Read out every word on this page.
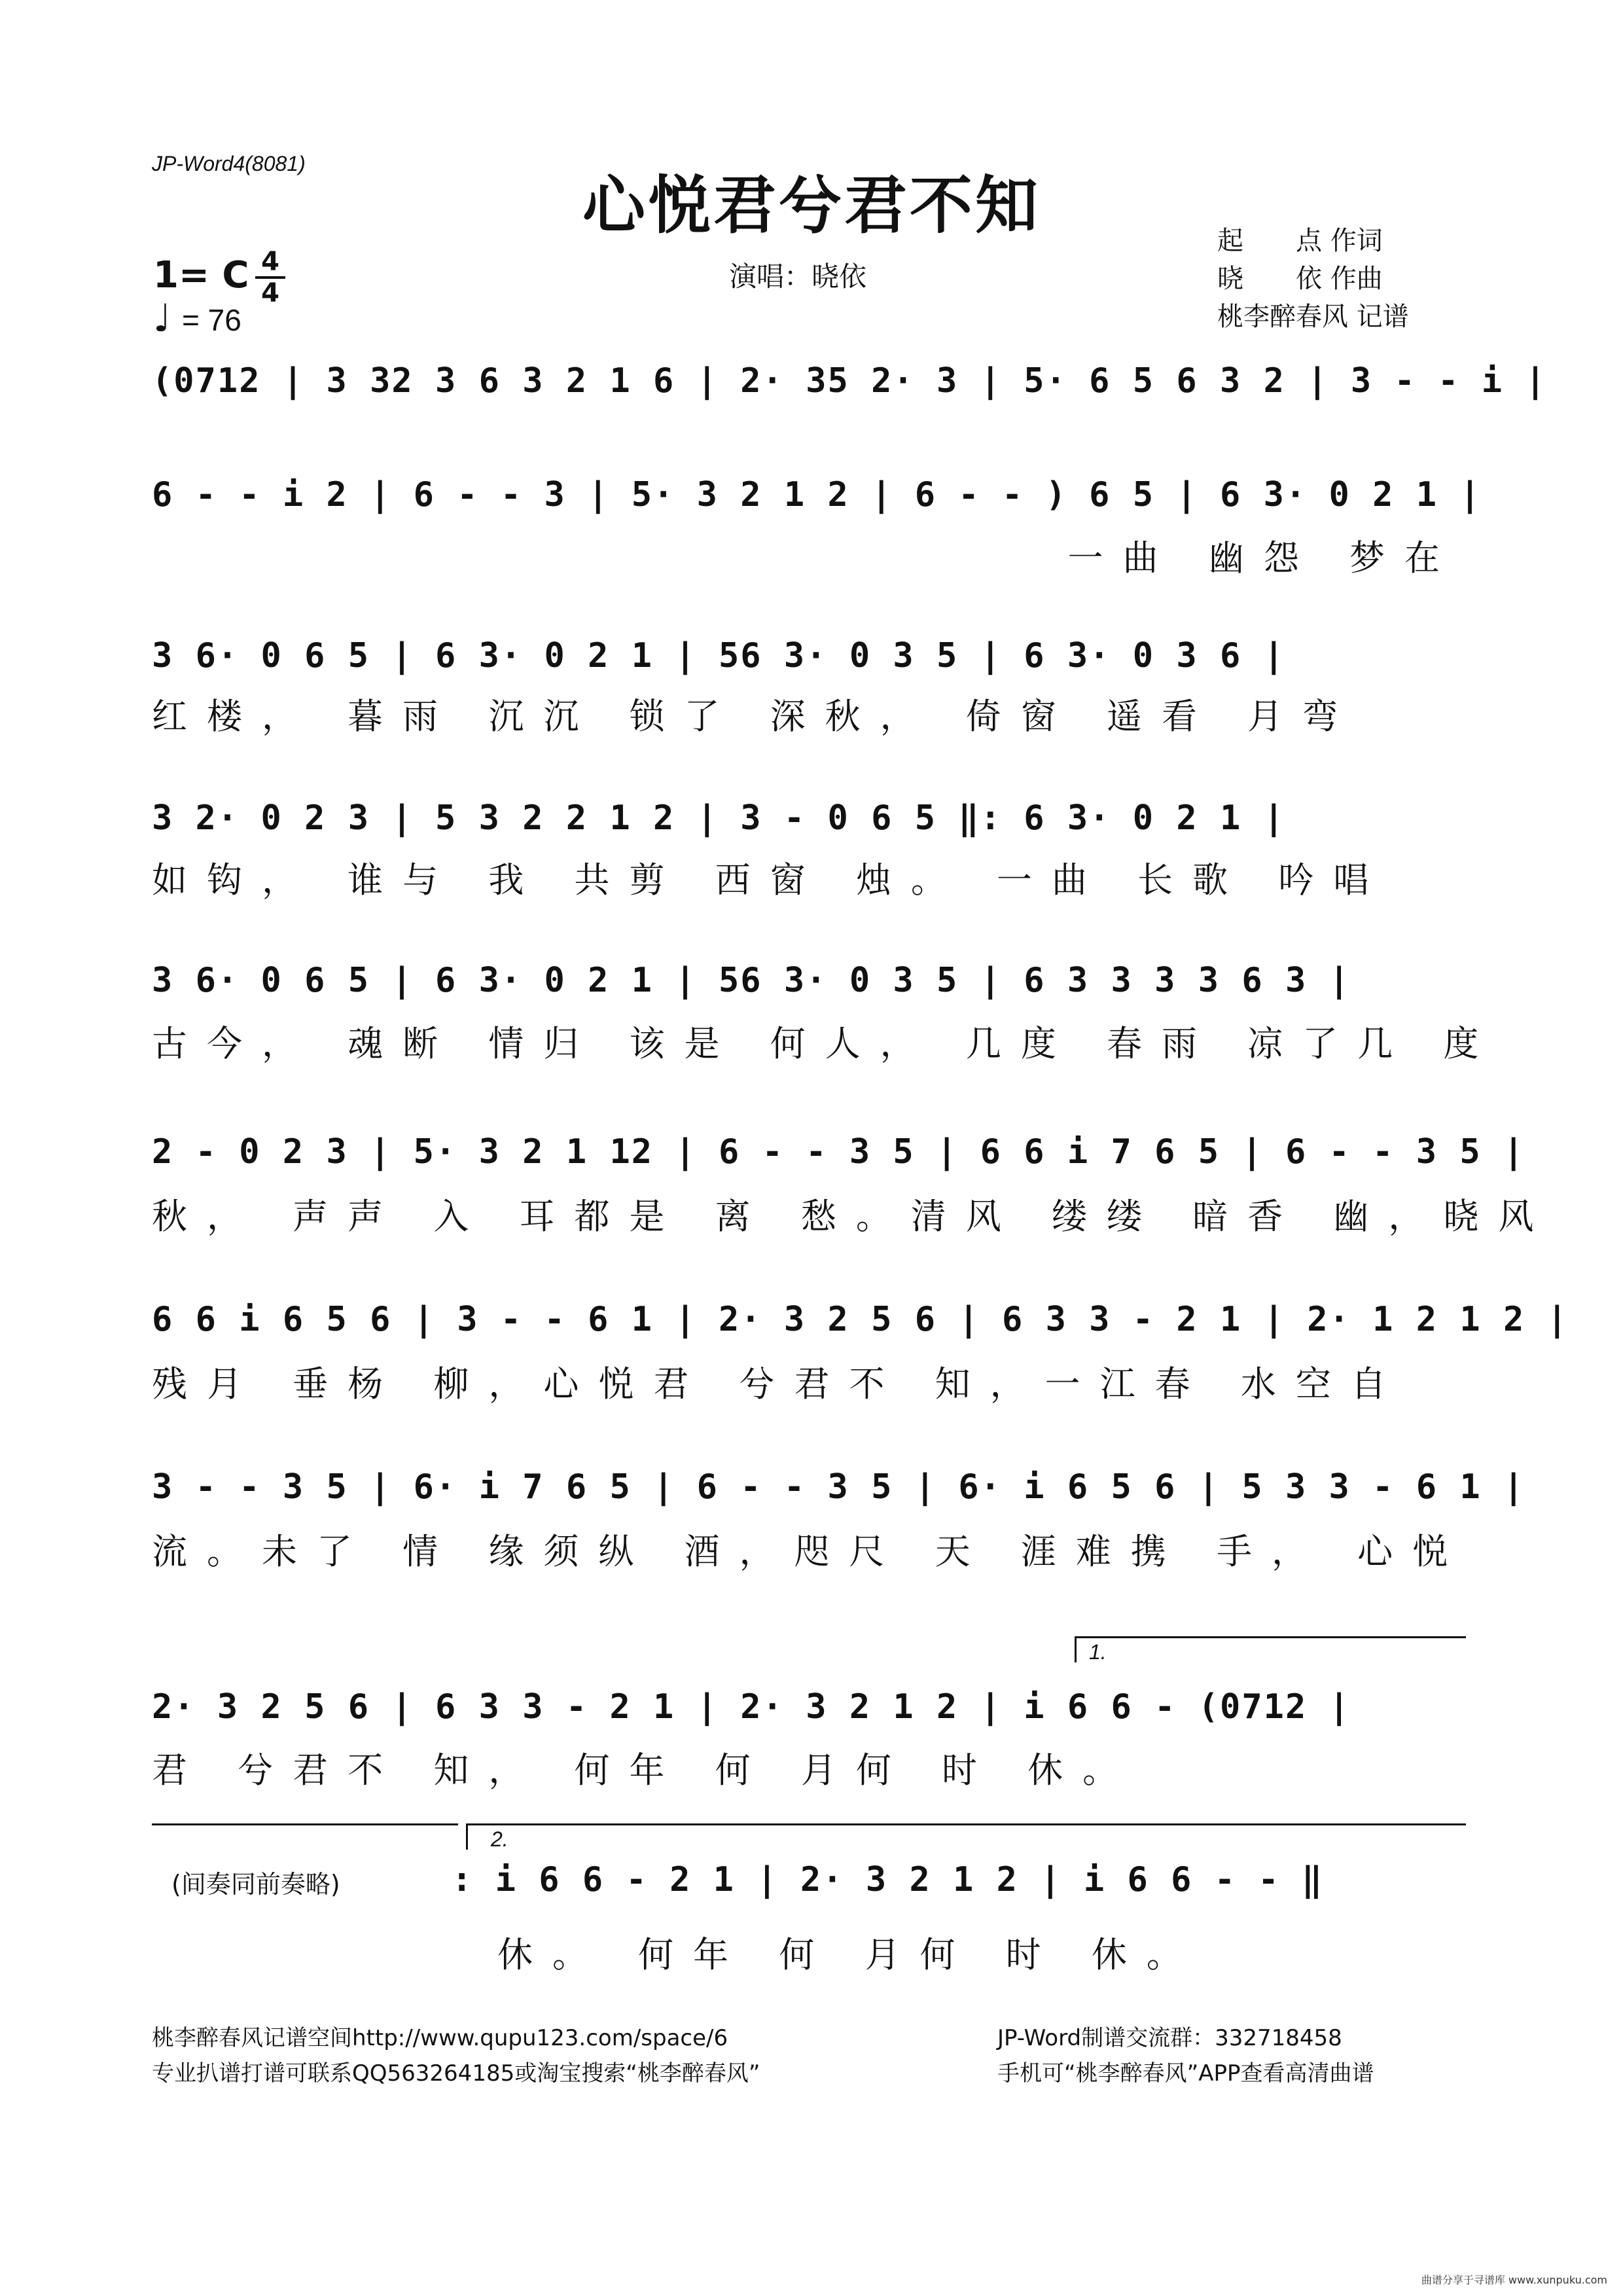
JP-Word4(8081)
心悦君兮君不知
演唱：晓依
1= C 4
4
♩ = 76
起　　点 作词
晓　　依 作曲
桃李醉春风 记谱
(0712 | 3 32 3 6 3 2 1 6 | 2· 35 2· 3 | 5· 6 5 6 3 2 | 3 - - i |
6 - - i 2 | 6 - - 3 | 5· 3 2 1 2 | 6 - - ) 6 5 | 6 3· 0 2 1 |
一曲 幽怨 梦在
3 6· 0 6 5 | 6 3· 0 2 1 | 56 3· 0 3 5 | 6 3· 0 3 6 |
红楼， 暮雨 沉沉 锁了 深秋， 倚窗 遥看 月弯
3 2· 0 2 3 | 5 3 2 2 1 2 | 3 - 0 6 5 ‖: 6 3· 0 2 1 |
如钩， 谁与 我 共剪 西窗 烛。 一曲 长歌 吟唱
3 6· 0 6 5 | 6 3· 0 2 1 | 56 3· 0 3 5 | 6 3 3 3 3 6 3 |
古今， 魂断 情归 该是 何人， 几度 春雨 凉了几 度
2 - 0 2 3 | 5· 3 2 1 12 | 6 - - 3 5 | 6 6 i 7 6 5 | 6 - - 3 5 |
秋， 声声 入 耳都是 离 愁。清风 缕缕 暗香 幽，晓风
6 6 i 6 5 6 | 3 - - 6 1 | 2· 3 2 5 6 | 6 3 3 - 2 1 | 2· 1 2 1 2 |
残月 垂杨 柳，心悦君 兮君不 知，一江春 水空自
3 - - 3 5 | 6· i 7 6 5 | 6 - - 3 5 | 6· i 6 5 6 | 5 3 3 - 6 1 |
流。未了 情 缘须纵 酒，咫尺 天 涯难携 手， 心悦
1.
2· 3 2 5 6 | 6 3 3 - 2 1 | 2· 3 2 1 2 | i 6 6 - (0712 |
君 兮君不 知， 何年 何 月何 时 休。
2.
(间奏同前奏略)	: i 6 6 - 2 1 | 2· 3 2 1 2 | i 6 6 - - ‖
休。 何年 何 月何 时 休。
桃李醉春风记谱空间http://www.qupu123.com/space/6
专业扒谱打谱可联系QQ563264185或淘宝搜索“桃李醉春风”
JP-Word制谱交流群：332718458
手机可“桃李醉春风”APP查看高清曲谱
曲谱分享于寻谱库 www.xunpuku.com
